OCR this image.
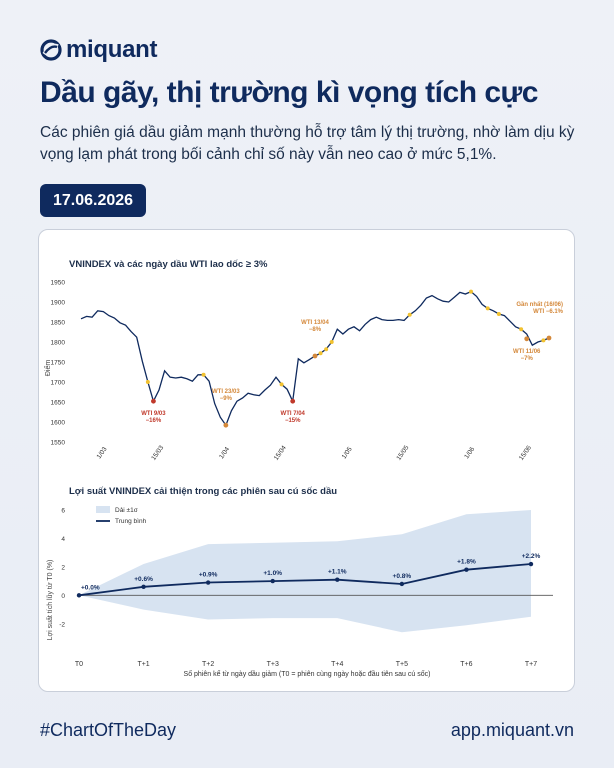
miquant
Dầu gãy, thị trường kì vọng tích cực

Các phiên giá dầu giảm mạnh thường hỗ trợ tâm lý thị trường, nhờ làm dịu kỳ vọng lạm phát trong bối cảnh chỉ số này vẫn neo cao ở mức 5,1%.

17.06.2026
VNINDEX và các ngày dầu WTI lao dốc ≥ 3%
Điểm
1550
1600
1650
1700
1750
1800
1850
1900
1950
1/03	15/03	1/04	15/04	1/05	15/05	1/06	15/06
WTI 9/03
−16%
WTI 23/03
−9%
WTI 7/04
−15%
WTI 13/04
−8%
WTI 11/06
−7%
Gần nhất (16/06)
WTI −6.1%
Lợi suất VNINDEX cải thiện trong các phiên sau cú sốc dầu
Lợi suất tích lũy từ T0 (%) -2
0
2
4
6
T0	T+1	T+2	T+3	T+4	T+5	T+6	T+7
+0.0%
+0.6%
+0.9%	+1.0%	+1.1%
+0.8%
+1.8%
+2.2%
Dải ±1σ
Trung bình
Số phiên kể từ ngày dầu giảm (T0 = phiên cùng ngày hoặc đầu tiên sau cú sốc)
#ChartOfTheDay	app.miquant.vn
